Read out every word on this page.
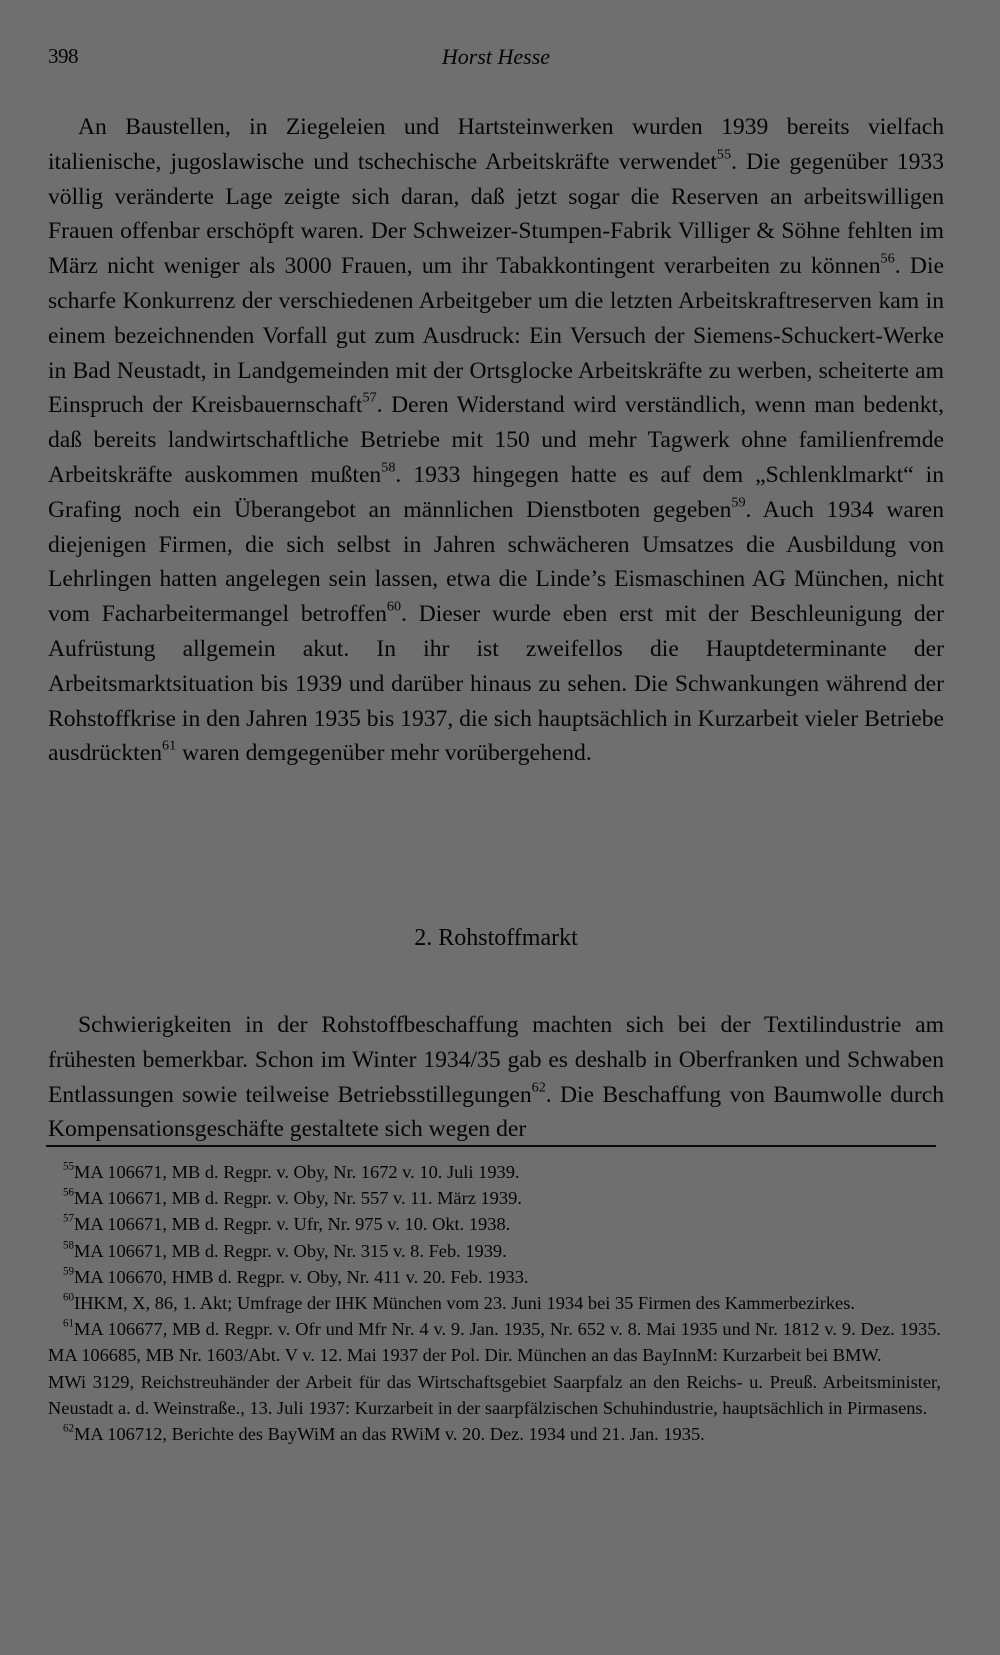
398	Horst Hesse

An Baustellen, in Ziegeleien und Hartsteinwerken wurden 1939 bereits vielfach italienische, jugoslawische und tschechische Arbeitskräfte verwendet$^{55}$. Die gegenüber 1933 völlig veränderte Lage zeigte sich daran, daß jetzt sogar die Reserven an arbeitswilligen Frauen offenbar erschöpft waren. Der Schweizer-Stumpen-Fabrik Villiger & Söhne fehlten im März nicht weniger als 3000 Frauen, um ihr Tabakkontingent verarbeiten zu können$^{56}$. Die scharfe Konkurrenz der verschiedenen Arbeitgeber um die letzten Arbeitskraftreserven kam in einem bezeichnenden Vorfall gut zum Ausdruck: Ein Versuch der Siemens-Schuckert-Werke in Bad Neustadt, in Landgemeinden mit der Ortsglocke Arbeitskräfte zu werben, scheiterte am Einspruch der Kreisbauernschaft$^{57}$. Deren Widerstand wird verständlich, wenn man bedenkt, daß bereits landwirtschaftliche Betriebe mit 150 und mehr Tagwerk ohne familienfremde Arbeitskräfte auskommen mußten$^{58}$. 1933 hingegen hatte es auf dem „Schlenklmarkt“ in Grafing noch ein Überangebot an männlichen Dienstboten gegeben$^{59}$. Auch 1934 waren diejenigen Firmen, die sich selbst in Jahren schwächeren Umsatzes die Ausbildung von Lehrlingen hatten angelegen sein lassen, etwa die Linde’s Eismaschinen AG München, nicht vom Facharbeitermangel betroffen$^{60}$. Dieser wurde eben erst mit der Beschleunigung der Aufrüstung allgemein akut. In ihr ist zweifellos die Hauptdeterminante der Arbeitsmarktsituation bis 1939 und darüber hinaus zu sehen. Die Schwankungen während der Rohstoffkrise in den Jahren 1935 bis 1937, die sich hauptsächlich in Kurzarbeit vieler Betriebe ausdrückten$^{61}$ waren demgegenüber mehr vorübergehend.

2. Rohstoffmarkt

Schwierigkeiten in der Rohstoffbeschaffung machten sich bei der Textilindustrie am frühesten bemerkbar. Schon im Winter 1934/35 gab es deshalb in Oberfranken und Schwaben Entlassungen sowie teilweise Betriebsstillegungen$^{62}$. Die Beschaffung von Baumwolle durch Kompensationsgeschäfte gestaltete sich wegen der

$^{55}$MA 106671, MB d. Regpr. v. Oby, Nr. 1672 v. 10. Juli 1939.

$^{56}$MA 106671, MB d. Regpr. v. Oby, Nr. 557 v. 11. März 1939.

$^{57}$MA 106671, MB d. Regpr. v. Ufr, Nr. 975 v. 10. Okt. 1938.

$^{58}$MA 106671, MB d. Regpr. v. Oby, Nr. 315 v. 8. Feb. 1939.

$^{59}$MA 106670, HMB d. Regpr. v. Oby, Nr. 411 v. 20. Feb. 1933.

$^{60}$IHKM, X, 86, 1. Akt; Umfrage der IHK München vom 23. Juni 1934 bei 35 Firmen des Kammerbezirkes.

$^{61}$MA 106677, MB d. Regpr. v. Ofr und Mfr Nr. 4 v. 9. Jan. 1935, Nr. 652 v. 8. Mai 1935 und Nr. 1812 v. 9. Dez. 1935. MA 106685, MB Nr. 1603/Abt. V v. 12. Mai 1937 der Pol. Dir. München an das BayInnM: Kurzarbeit bei BMW.

MWi 3129, Reichstreuhänder der Arbeit für das Wirtschaftsgebiet Saarpfalz an den Reichs- u. Preuß. Arbeitsminister, Neustadt a. d. Weinstraße., 13. Juli 1937: Kurzarbeit in der saarpfälzischen Schuhindustrie, hauptsächlich in Pirmasens.

$^{62}$MA 106712, Berichte des BayWiM an das RWiM v. 20. Dez. 1934 und 21. Jan. 1935.
